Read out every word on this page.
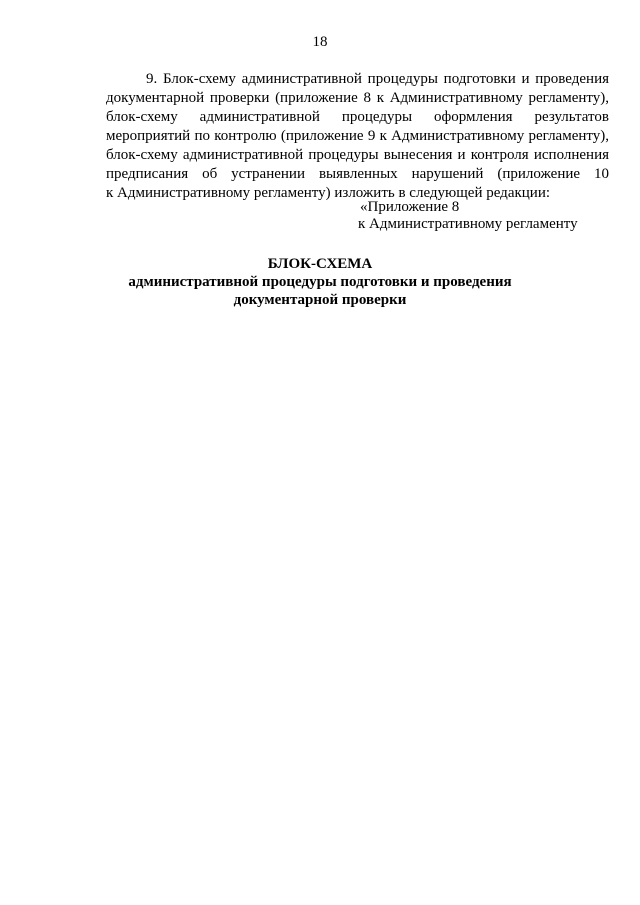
18
9. Блок-схему административной процедуры подготовки и проведения
документарной проверки (приложение 8 к Административному регламенту),
блок-схему административной процедуры оформления результатов
мероприятий по контролю (приложение 9 к Административному регламенту),
блок-схему административной процедуры вынесения и контроля исполнения
предписания об устранении выявленных нарушений (приложение 10
к Административному регламенту) изложить в следующей редакции:
«Приложение 8
к Административному регламенту
БЛОК-СХЕМА
административной процедуры подготовки и проведения
документарной проверки
